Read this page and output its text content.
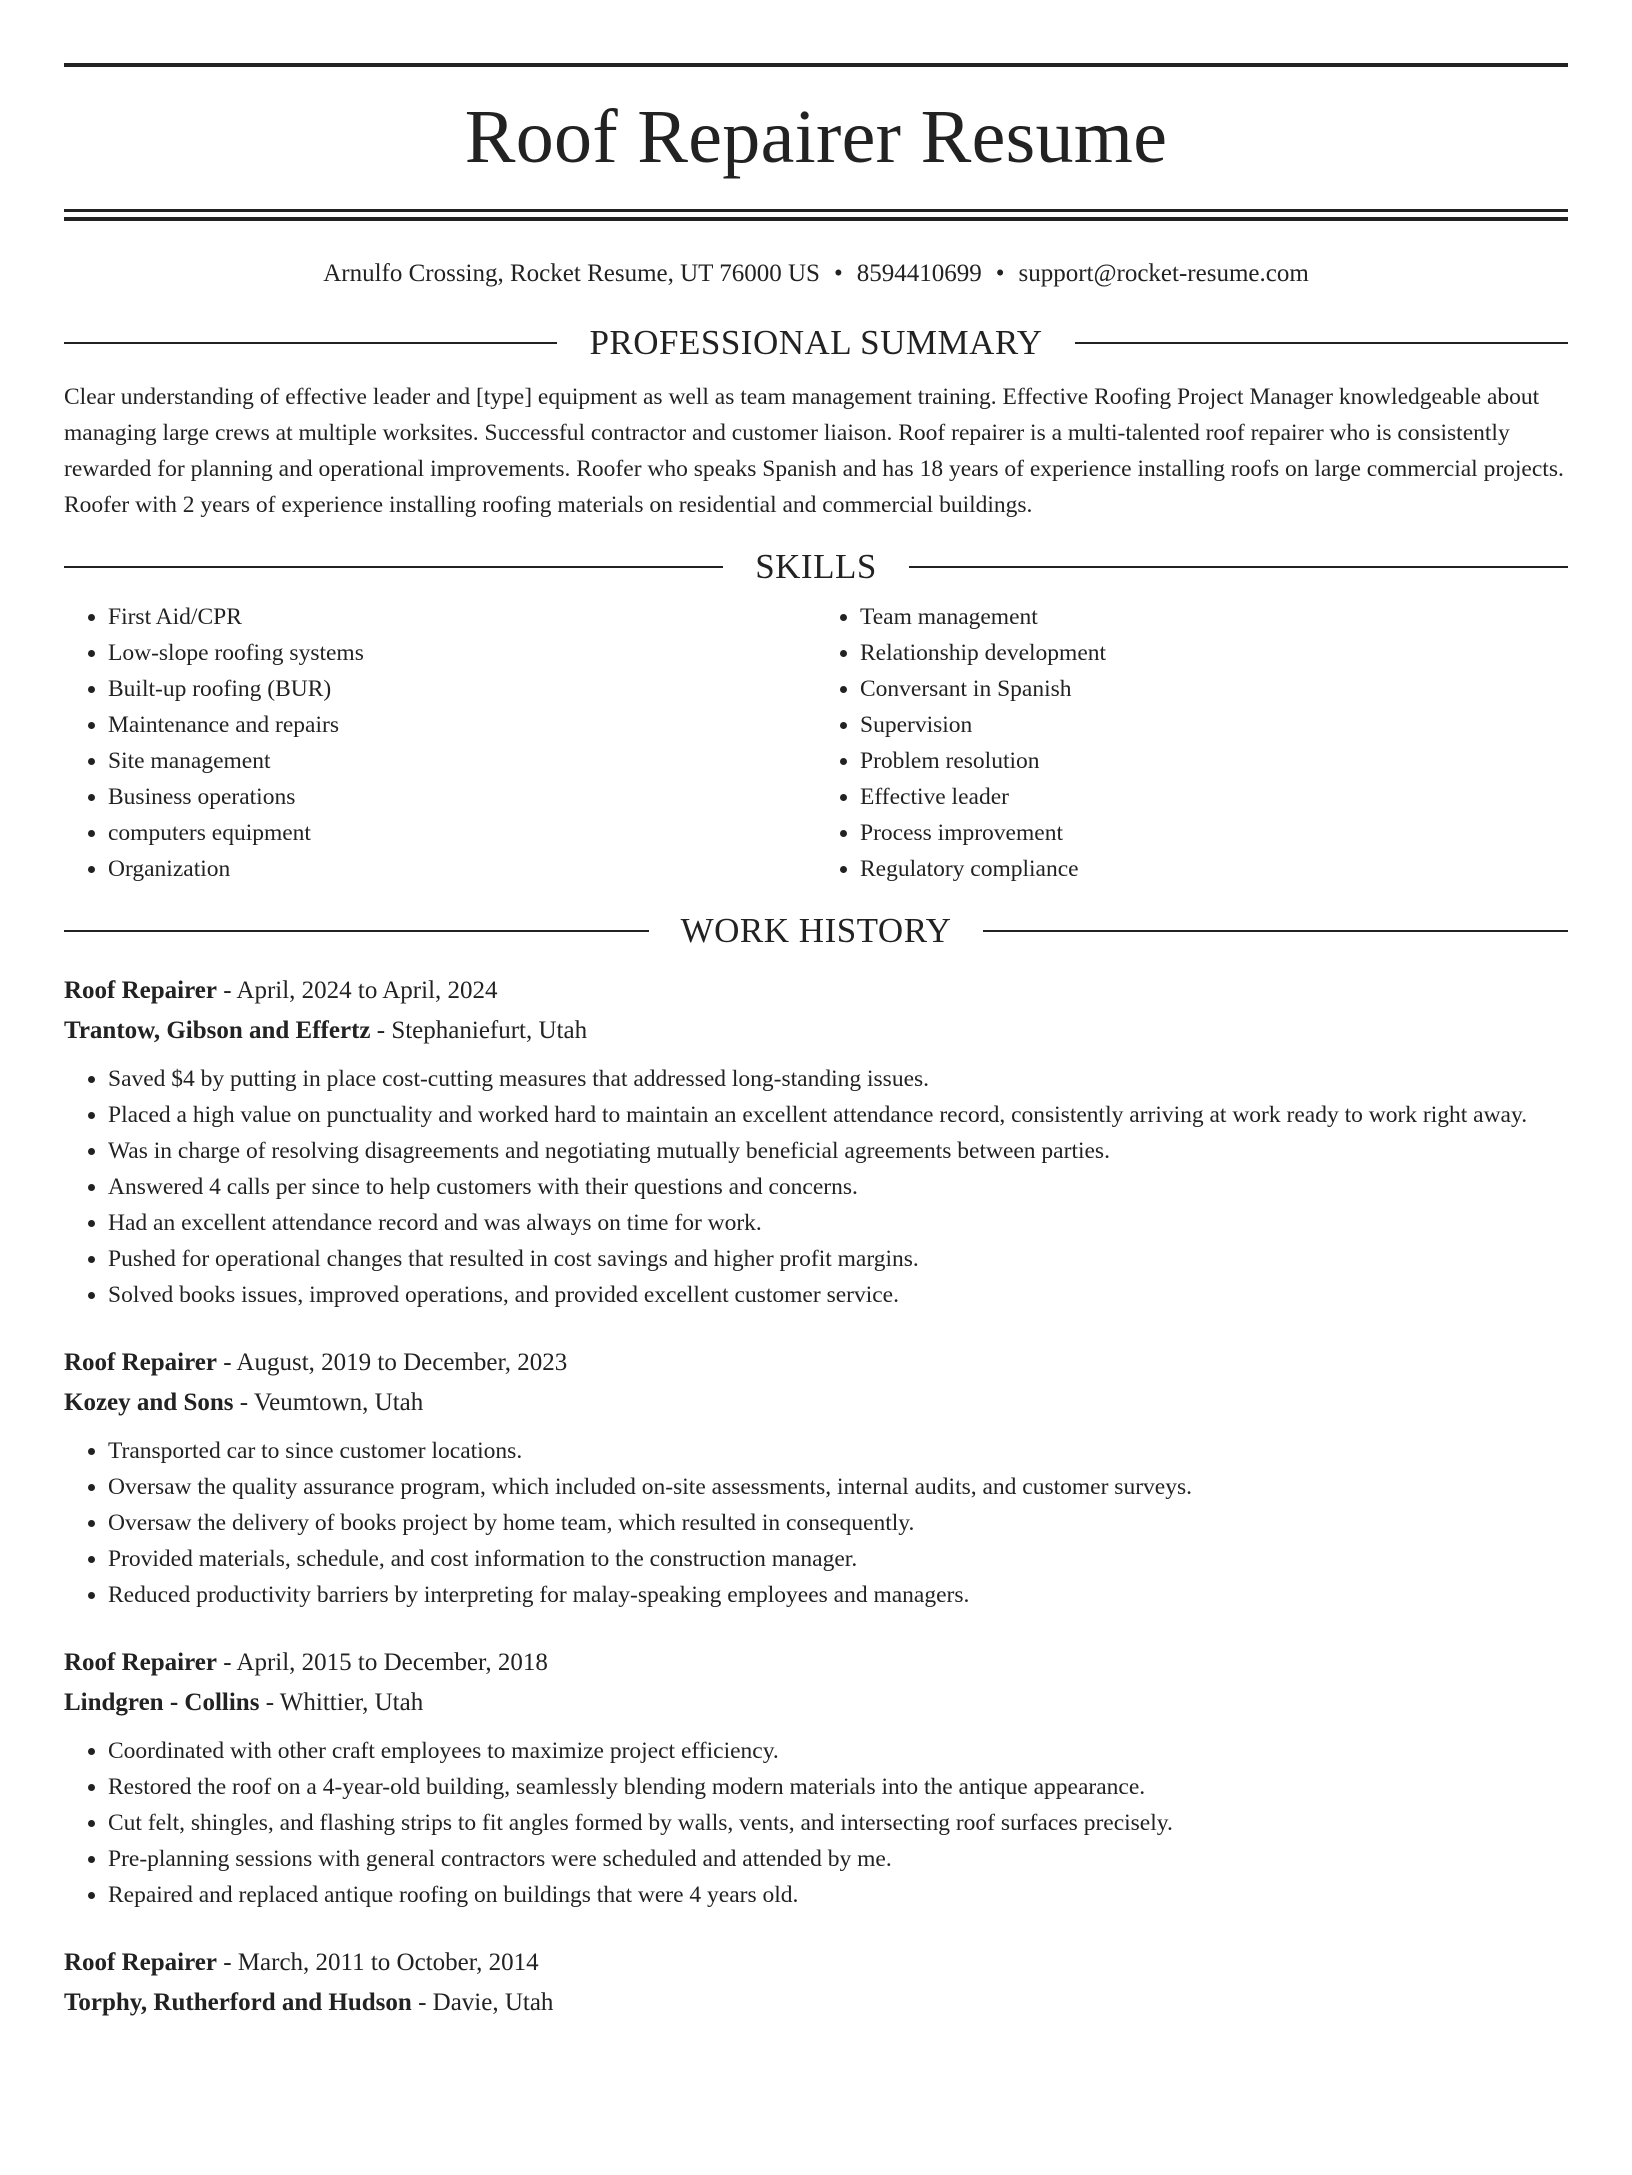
Roof Repairer Resume
Arnulfo Crossing, Rocket Resume, UT 76000 US • 8594410699 • support@rocket-resume.com
PROFESSIONAL SUMMARY
Clear understanding of effective leader and [type] equipment as well as team management training. Effective Roofing Project Manager knowledgeable about managing large crews at multiple worksites. Successful contractor and customer liaison. Roof repairer is a multi-talented roof repairer who is consistently rewarded for planning and operational improvements. Roofer who speaks Spanish and has 18 years of experience installing roofs on large commercial projects. Roofer with 2 years of experience installing roofing materials on residential and commercial buildings.
SKILLS
• First Aid/CPR
• Low-slope roofing systems
• Built-up roofing (BUR)
• Maintenance and repairs
• Site management
• Business operations
• computers equipment
• Organization
• Team management
• Relationship development
• Conversant in Spanish
• Supervision
• Problem resolution
• Effective leader
• Process improvement
• Regulatory compliance
WORK HISTORY
Roof Repairer - April, 2024 to April, 2024
Trantow, Gibson and Effertz - Stephaniefurt, Utah
• Saved $4 by putting in place cost-cutting measures that addressed long-standing issues.
• Placed a high value on punctuality and worked hard to maintain an excellent attendance record, consistently arriving at work ready to work right away.
• Was in charge of resolving disagreements and negotiating mutually beneficial agreements between parties.
• Answered 4 calls per since to help customers with their questions and concerns.
• Had an excellent attendance record and was always on time for work.
• Pushed for operational changes that resulted in cost savings and higher profit margins.
• Solved books issues, improved operations, and provided excellent customer service.
Roof Repairer - August, 2019 to December, 2023
Kozey and Sons - Veumtown, Utah
• Transported car to since customer locations.
• Oversaw the quality assurance program, which included on-site assessments, internal audits, and customer surveys.
• Oversaw the delivery of books project by home team, which resulted in consequently.
• Provided materials, schedule, and cost information to the construction manager.
• Reduced productivity barriers by interpreting for malay-speaking employees and managers.
Roof Repairer - April, 2015 to December, 2018
Lindgren - Collins - Whittier, Utah
• Coordinated with other craft employees to maximize project efficiency.
• Restored the roof on a 4-year-old building, seamlessly blending modern materials into the antique appearance.
• Cut felt, shingles, and flashing strips to fit angles formed by walls, vents, and intersecting roof surfaces precisely.
• Pre-planning sessions with general contractors were scheduled and attended by me.
• Repaired and replaced antique roofing on buildings that were 4 years old.
Roof Repairer - March, 2011 to October, 2014
Torphy, Rutherford and Hudson - Davie, Utah
